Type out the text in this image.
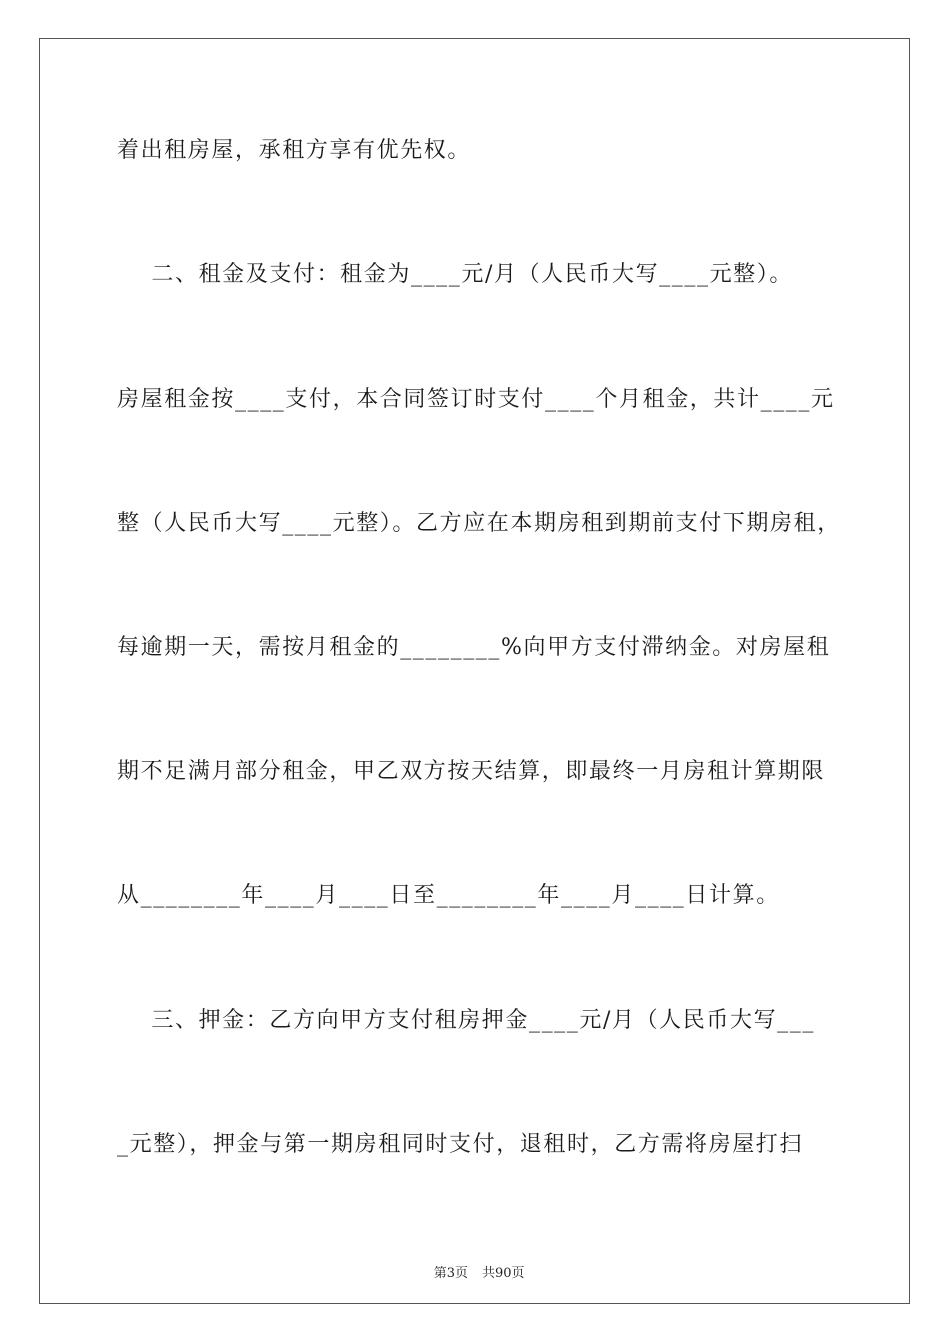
着出租房屋，承租方享有优先权。
二、租金及支付：租金为____元/月（人民币大写____元整）。
房屋租金按____支付，本合同签订时支付____个月租金，共计____元
整（人民币大写____元整）。乙方应在本期房租到期前支付下期房租，
每逾期一天，需按月租金的________%向甲方支付滞纳金。对房屋租
期不足满月部分租金，甲乙双方按天结算，即最终一月房租计算期限
从________年____月____日至________年____月____日计算。
三、押金：乙方向甲方支付租房押金____元/月（人民币大写___
_元整），押金与第一期房租同时支付，退租时，乙方需将房屋打扫

第3页 共90页
